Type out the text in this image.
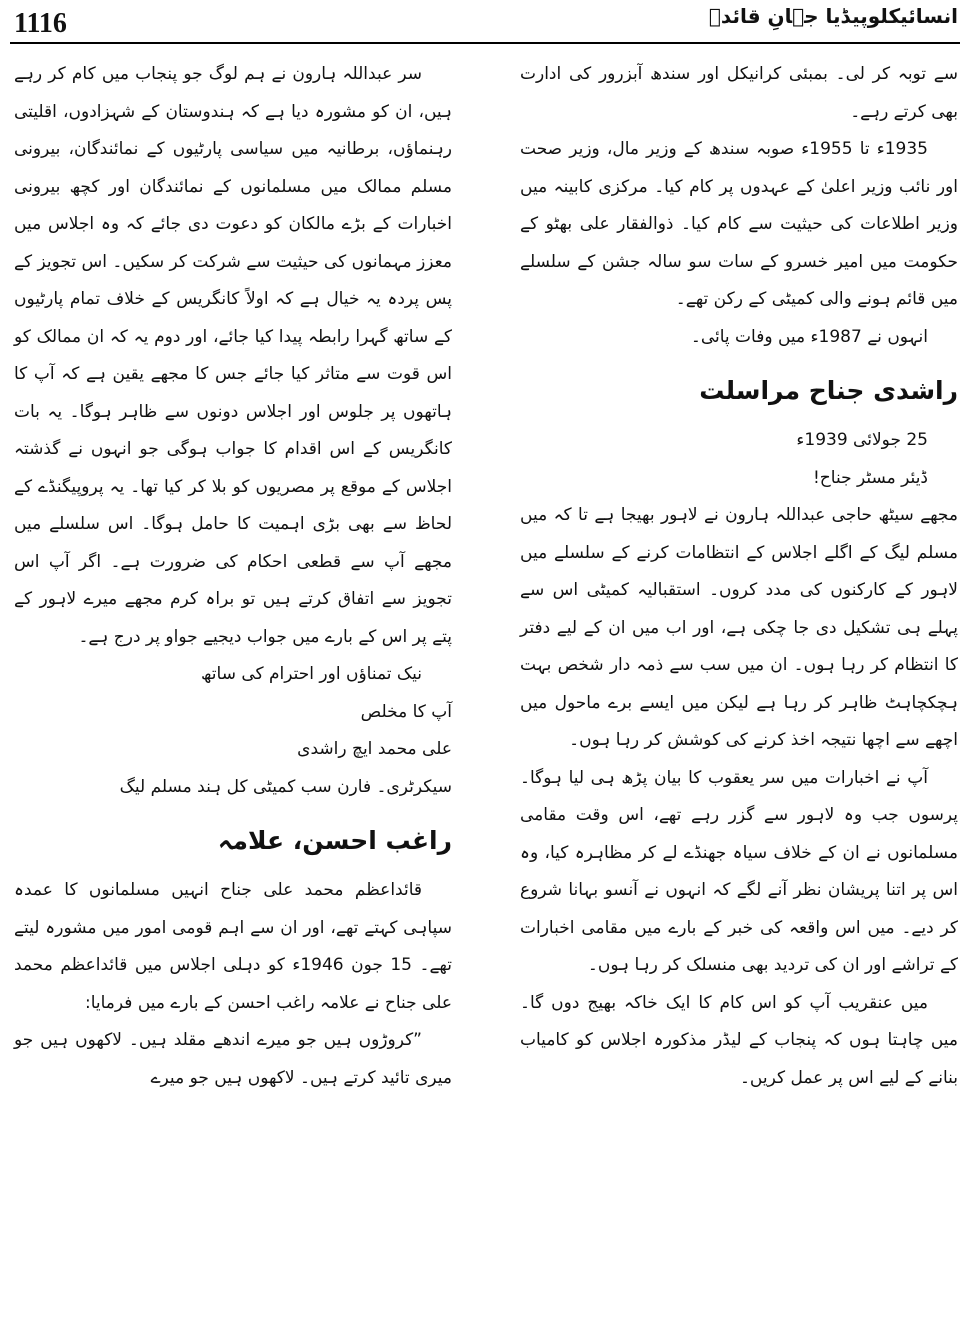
1116	انسائیکلوپیڈیا جہانِ قائدؒ

سے توبہ کر لی۔ بمبئی کرانیکل اور سندھ آبزرور کی ادارت بھی کرتے رہے۔

1935ء تا 1955ء صوبہ سندھ کے وزیر مال، وزیر صحت اور نائب وزیر اعلیٰ کے عہدوں پر کام کیا۔ مرکزی کابینہ میں وزیر اطلاعات کی حیثیت سے کام کیا۔ ذوالفقار علی بھٹو کے حکومت میں امیر خسرو کے سات سو سالہ جشن کے سلسلے میں قائم ہونے والی کمیٹی کے رکن تھے۔

انہوں نے 1987ء میں وفات پائی۔

راشدی جناح مراسلت

25 جولائی 1939ء

ڈیئر مسٹر جناح!

مجھے سیٹھ حاجی عبداللہ ہارون نے لاہور بھیجا ہے تا کہ میں مسلم لیگ کے اگلے اجلاس کے انتظامات کرنے کے سلسلے میں لاہور کے کارکنوں کی مدد کروں۔ استقبالیہ کمیٹی اس سے پہلے ہی تشکیل دی جا چکی ہے، اور اب میں ان کے لیے دفتر کا انتظام کر رہا ہوں۔ ان میں سب سے ذمہ دار شخص بہت ہچکچاہٹ ظاہر کر رہا ہے لیکن میں ایسے برے ماحول میں اچھے سے اچھا نتیجہ اخذ کرنے کی کوشش کر رہا ہوں۔

آپ نے اخبارات میں سر یعقوب کا بیان پڑھ ہی لیا ہوگا۔ پرسوں جب وہ لاہور سے گزر رہے تھے، اس وقت مقامی مسلمانوں نے ان کے خلاف سیاہ جھنڈے لے کر مظاہرہ کیا، وہ اس پر اتنا پریشان نظر آنے لگے کہ انہوں نے آنسو بہانا شروع کر دیے۔ میں اس واقعہ کی خبر کے بارے میں مقامی اخبارات کے تراشے اور ان کی تردید بھی منسلک کر رہا ہوں۔

میں عنقریب آپ کو اس کام کا ایک خاکہ بھیج دوں گا۔ میں چاہتا ہوں کہ پنجاب کے لیڈر مذکورہ اجلاس کو کامیاب بنانے کے لیے اس پر عمل کریں۔

سر عبداللہ ہارون نے ہم لوگ جو پنجاب میں کام کر رہے ہیں، ان کو مشورہ دیا ہے کہ ہندوستان کے شہزادوں، اقلیتی رہنماؤں، برطانیہ میں سیاسی پارٹیوں کے نمائندگان، بیرونی مسلم ممالک میں مسلمانوں کے نمائندگان اور کچھ بیرونی اخبارات کے بڑے مالکان کو دعوت دی جائے کہ وہ اجلاس میں معزز مہمانوں کی حیثیت سے شرکت کر سکیں۔ اس تجویز کے پس پردہ یہ خیال ہے کہ اولاً کانگریس کے خلاف تمام پارٹیوں کے ساتھ گہرا رابطہ پیدا کیا جائے، اور دوم یہ کہ ان ممالک کو اس قوت سے متاثر کیا جائے جس کا مجھے یقین ہے کہ آپ کا ہاتھوں پر جلوس اور اجلاس دونوں سے ظاہر ہوگا۔ یہ بات کانگریس کے اس اقدام کا جواب ہوگی جو انہوں نے گذشتہ اجلاس کے موقع پر مصریوں کو بلا کر کیا تھا۔ یہ پروپیگنڈے کے لحاظ سے بھی بڑی اہمیت کا حامل ہوگا۔ اس سلسلے میں مجھے آپ سے قطعی احکام کی ضرورت ہے۔ اگر آپ اس تجویز سے اتفاق کرتے ہیں تو براہ کرم مجھے میرے لاہور کے پتے پر اس کے بارے میں جواب دیجیے جواو پر درج ہے۔

نیک تمناؤں اور احترام کی ساتھ

آپ کا مخلص

علی محمد ایچ راشدی

سیکرٹری۔ فارن سب کمیٹی کل ہند مسلم لیگ

راغب احسن، علامہ

قائداعظم محمد علی جناح انہیں مسلمانوں کا عمدہ سپاہی کہتے تھے، اور ان سے اہم قومی امور میں مشورہ لیتے تھے۔ 15 جون 1946ء کو دہلی اجلاس میں قائداعظم محمد علی جناح نے علامہ راغب احسن کے بارے میں فرمایا:

”کروڑوں ہیں جو میرے اندھے مقلد ہیں۔ لاکھوں ہیں جو میری تائید کرتے ہیں۔ لاکھوں ہیں جو میرے
